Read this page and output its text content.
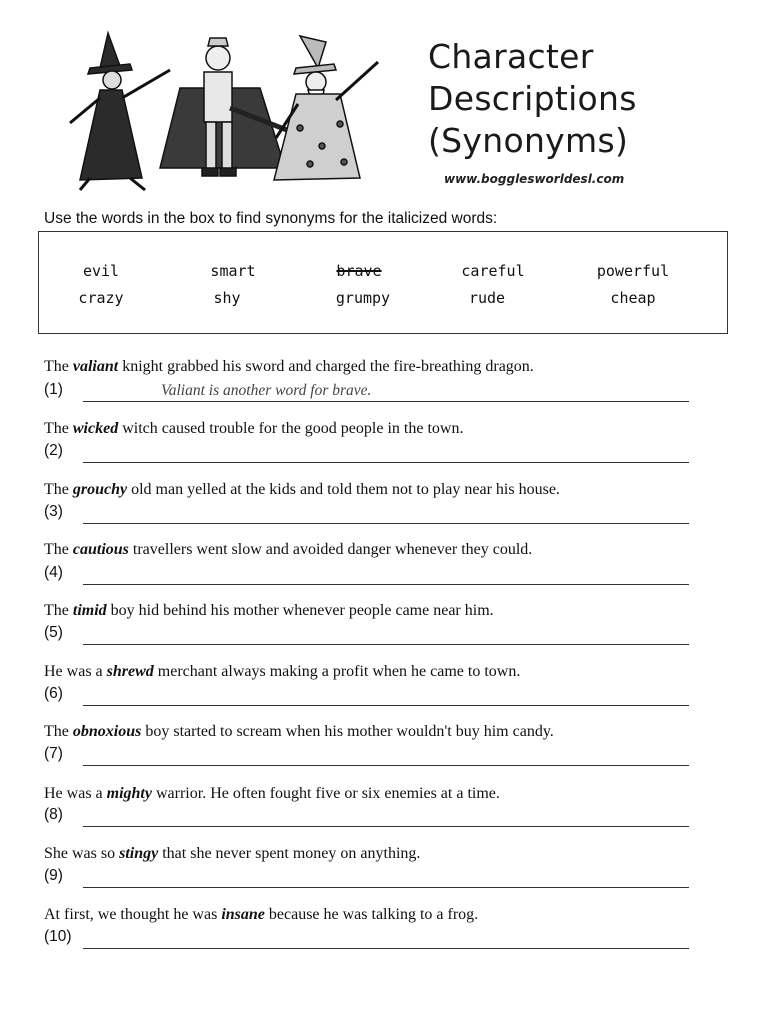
Character
Descriptions
(Synonyms)
www.bogglesworldesl.com
Use the words in the box to find synonyms for the italicized words:
evil	smart	brave	careful	powerful
crazy	shy	grumpy	rude	cheap
The valiant knight grabbed his sword and charged the fire-breathing dragon.
(1)	Valiant is another word for brave.
The wicked witch caused trouble for the good people in the town.
(2)
The grouchy old man yelled at the kids and told them not to play near his house.
(3)
The cautious travellers went slow and avoided danger whenever they could.
(4)
The timid boy hid behind his mother whenever people came near him.
(5)
He was a shrewd merchant always making a profit when he came to town.
(6)
The obnoxious boy started to scream when his mother wouldn't buy him candy.
(7)
He was a mighty warrior. He often fought five or six enemies at a time.
(8)
She was so stingy that she never spent money on anything.
(9)
At first, we thought he was insane because he was talking to a frog.
(10)
